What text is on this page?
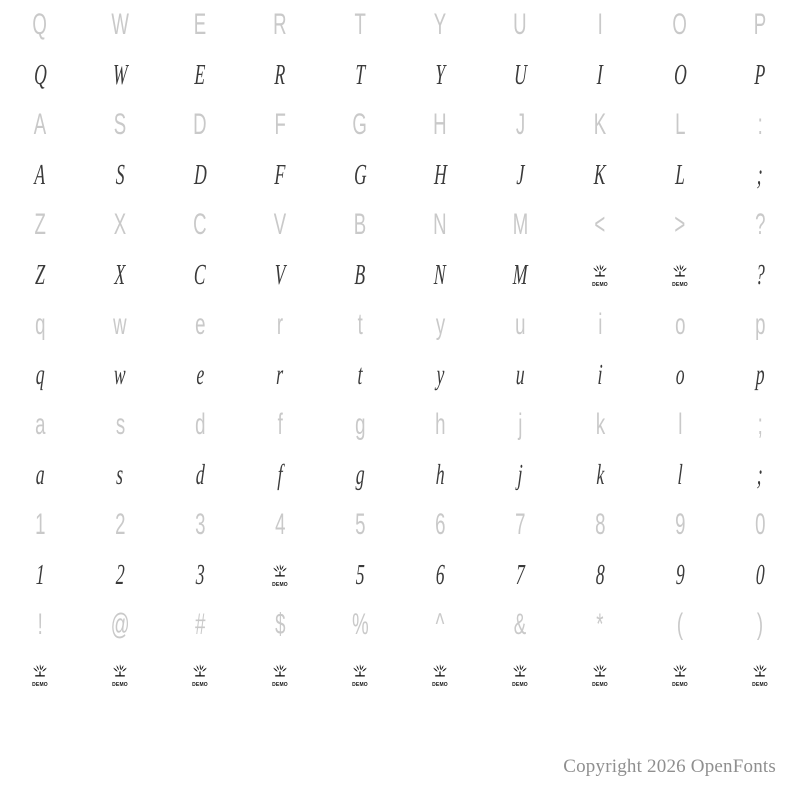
Q W E R T Y U I O P
Q W E R T Y U I O P
A S D F G H J K L :
A S D F G H J K L ;
Z X C V B N M < > ?
Z X C V B N M	DEMO	DEMO ?
q w e r t y u i o p
q w e r	t	y u i o p
a s d f g h j k l	;
a s d f g h j	k	l	;
1 2 3 4 5 6 7 8 9 0
1 2 3	DEMO 5 6 7 8 9 0
! @ # $ % ^ & * ( )
DEMO	DEMO	DEMO	DEMO	DEMO	DEMO	DEMO	DEMO	DEMO	DEMO
Copyright 2026 OpenFonts
